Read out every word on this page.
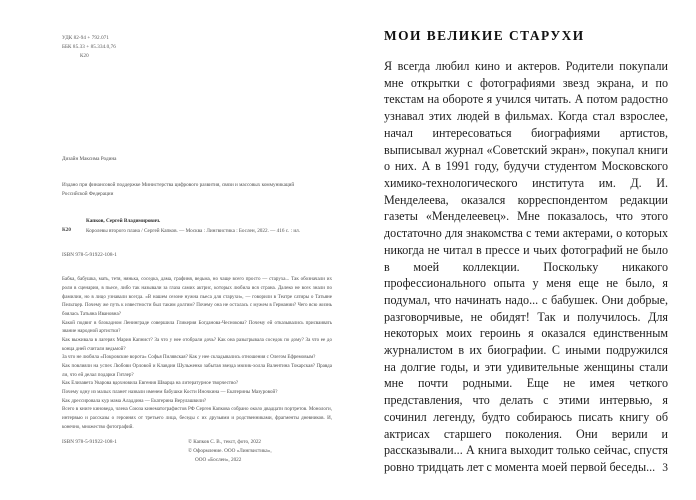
УДК 82-94 + 792.071
ББК 85.33 + 85.334.0,76
К20
Дизайн Максима Родина
Издано при финансовой поддержке Министерства цифрового развития, связи и массовых коммуникаций Российской Федерации
К20
Капков, Сергей Владимирович.
Королевы второго плана / Сергей Капков. — Москва : Лингвистика : Бослен, 2022. — 416 с. : ил.
ISBN 978-5-91922-108-1

Бабка, бабушка, мать, тетя, нянька, соседка, дама, графиня, ведьма, но чаще всего просто — старуха... Так обозначали их роли в сценарии, в пьесе, либо так называли за глаза самих актрис, которых любила вся страна. Далеко не всех знали по фамилии, но в лицо узнавали всегда. «В нашем сезоне нужна пьеса для старухи», — говорили в Театре сатиры о Татьяне Пельтцер. Почему же путь к известности был таким долгим? Почему она не осталась с мужем в Германии? Чего всю жизнь боялась Татьяна Ивановна?

Какой подвиг в блокадном Ленинграде совершила Гликерия Богданова-Чеснокова? Почему ей отказывались присваивать звание народной артистки?

Как выживала в лагерях Мария Капнист? За что у нее отобрали дочь? Как она разыгрывала соседок по дому? За что ее до конца дней считали ведьмой?

За что не любила «Покровские ворота» Софья Пилявская? Как у нее складывались отношения с Олегом Ефремовым?

Как повлияли на успех Любови Орловой и Клавдии Шульженко забытая звезда мюзик-холла Валентина Токарская? Правда ли, что ей делал подарки Гитлер?

Как Елизавета Уварова вдохновила Евгения Шварца на литературное творчество?

Почему одну из малых планет назвали именем бабушки Кости Иночкина — Екатерины Мазуровой?

Как дрессировала кур мама Аладдина — Екатерина Верулашвили?

Всего в книге киноведа, члена Союза кинематографистов РФ Сергея Капкова собрано около двадцати портретов. Монологи, интервью и рассказы о героинях от третьего лица, беседы с их друзьями и родственниками, фрагменты дневников. И, конечно, множество фотографий.

ISBN 978-5-91922-108-1	© Капков С. В., текст, фото, 2022
© Оформление. ООО «Лингвистика»,
ООО «Бослен», 2022
МОИ ВЕЛИКИЕ СТАРУХИ

Я всегда любил кино и актеров. Родители покупали мне открытки с фотографиями звезд экрана, и по текстам на обороте я учился читать. А потом радостно узнавал этих людей в фильмах. Когда стал взрослее, начал интересоваться биографиями артистов, выписывал журнал «Советский экран», покупал книги о них. А в 1991 году, будучи студентом Московского химико-технологического института им. Д. И. Менделеева, оказался корреспондентом редакции газеты «Менделеевец». Мне показалось, что этого достаточно для знакомства с теми актерами, о которых никогда не читал в прессе и чьих фотографий не было в моей коллекции. Поскольку никакого профессионального опыта у меня еще не было, я подумал, что начинать надо... с бабушек. Они добрые, разговорчивые, не обидят! Так и получилось. Для некоторых моих героинь я оказался единственным журналистом в их биографии. С иными подружился на долгие годы, и эти удивительные женщины стали мне почти родными. Еще не имея четкого представления, что делать с этими интервью, я сочинил легенду, будто собираюсь писать книгу об актрисах старшего поколения. Они верили и рассказывали... А книга выходит только сейчас, спустя ровно тридцать лет с момента моей первой беседы... 3
